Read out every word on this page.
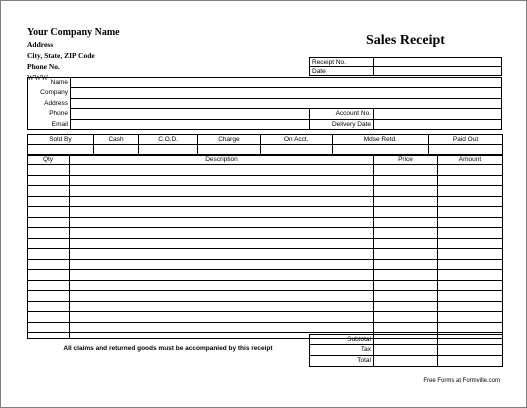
Your Company Name
Address
City, State, ZIP Code
Phone No.
WWW
Sales Receipt
Receipt No.
Date
Name
Company
Address
Phone
Email
Account No.
Delivery Date
Sold By	Cash	C.O.D.	Charge	On Acct.	Mdse Retd.	Paid Out

Qty	Description	Price	Amount
Subtotal
Tax
Total
All claims and returned goods must be accompanied by this receipt
Free Forms at Formville.com
